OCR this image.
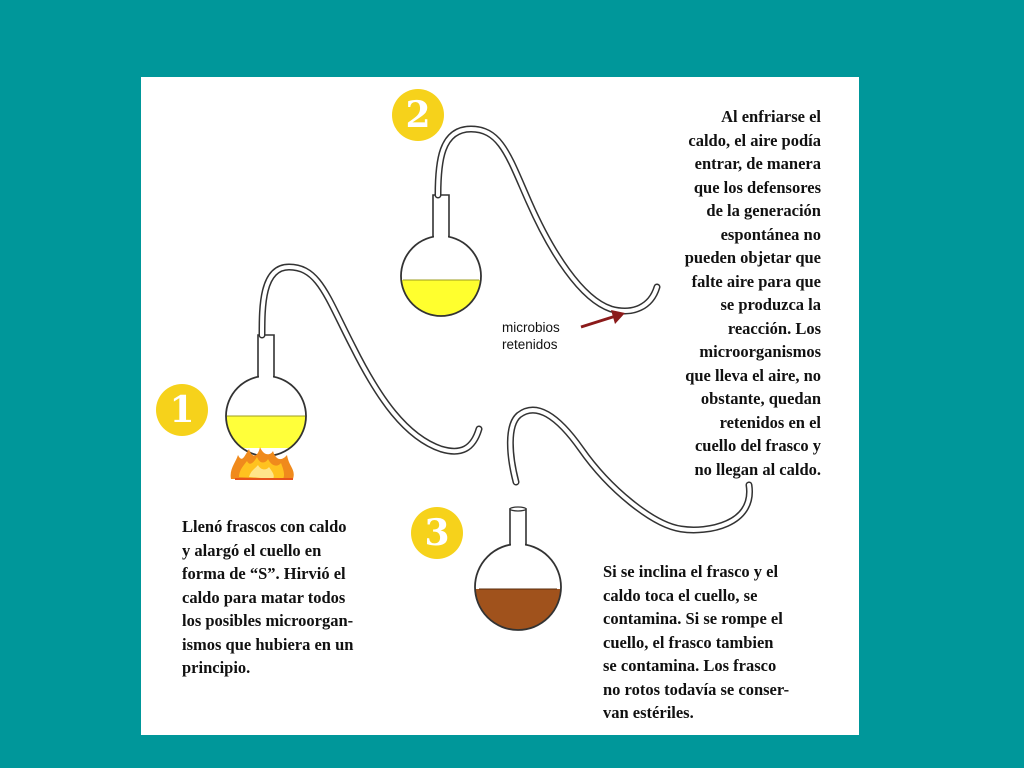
1
2
3
microbios
retenidos
Llenó frascos con caldo
y alargó el cuello en
forma de “S”. Hirvió el
caldo para matar todos
los posibles microorgan-
ismos que hubiera en un
principio.
Al enfriarse el
caldo, el aire podía
entrar, de manera
que los defensores
de la generación
espontánea no
pueden objetar que
falte aire para que
se produzca la
reacción. Los
microorganismos
que lleva el aire, no
obstante, quedan
retenidos en el
cuello del frasco y
no llegan al caldo.
Si se inclina el frasco y el
caldo toca el cuello, se
contamina. Si se rompe el
cuello, el frasco tambien
se contamina. Los frasco
no rotos todavía se conser-
van estériles.
